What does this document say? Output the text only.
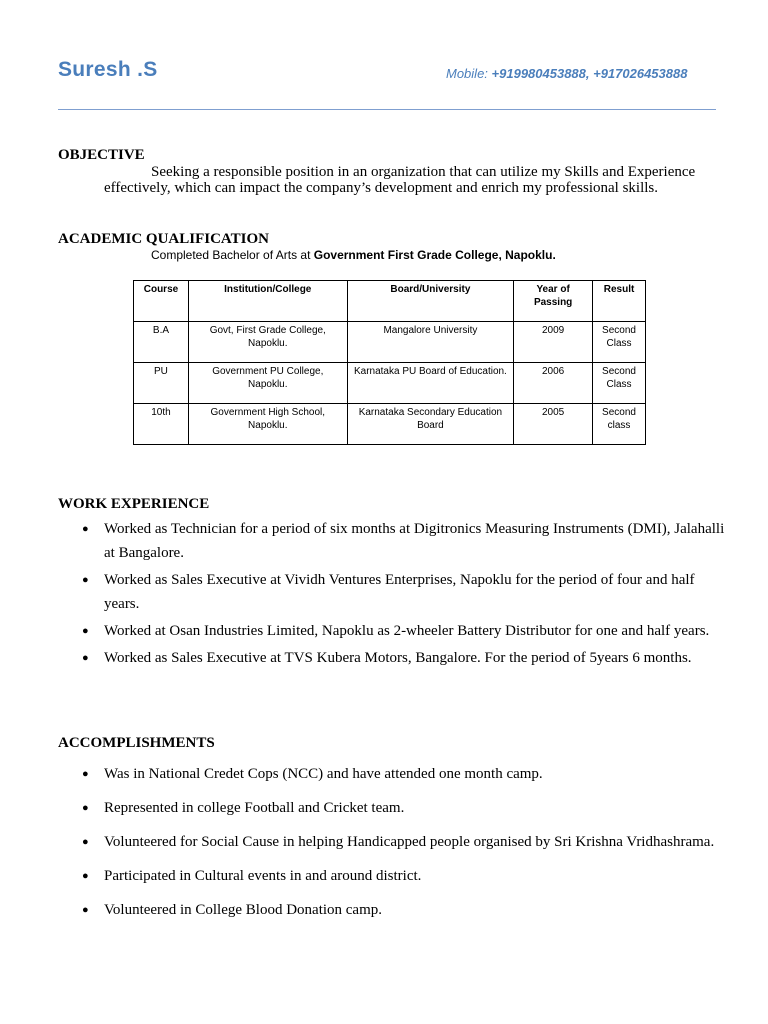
Suresh .S	Mobile: +919980453888, +917026453888
OBJECTIVE
Seeking a responsible position in an organization that can utilize my Skills and Experience effectively, which can impact the company’s development and enrich my professional skills.
ACADEMIC QUALIFICATION
Completed Bachelor of Arts at Government First Grade College, Napoklu.
Course	Institution/College	Board/University	Year of Passing	Result
B.A	Govt, First Grade College, Napoklu.	Mangalore University	2009	Second Class
PU	Government PU College, Napoklu.	Karnataka PU Board of Education.	2006	Second Class
10th	Government High School, Napoklu.	Karnataka Secondary Education Board	2005	Second class
WORK EXPERIENCE
● Worked as Technician for a period of six months at Digitronics Measuring Instruments (DMI), Jalahalli at Bangalore.
● Worked as Sales Executive at Vividh Ventures Enterprises, Napoklu for the period of four and half years.
● Worked at Osan Industries Limited, Napoklu as 2-wheeler Battery Distributor for one and half years.
● Worked as Sales Executive at TVS Kubera Motors, Bangalore. For the period of 5years 6 months.
ACCOMPLISHMENTS
● Was in National Credet Cops (NCC) and have attended one month camp.
● Represented in college Football and Cricket team.
● Volunteered for Social Cause in helping Handicapped people organised by Sri Krishna Vridhashrama.
● Participated in Cultural events in and around district.
● Volunteered in College Blood Donation camp.
